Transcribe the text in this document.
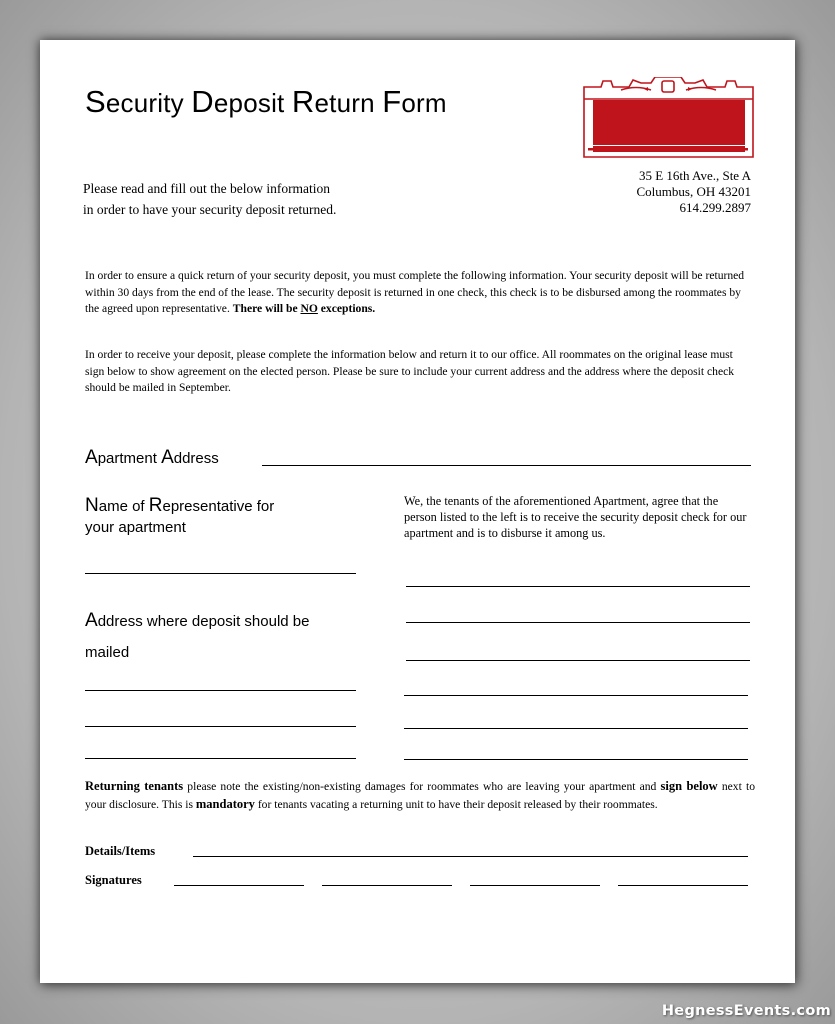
Security Deposit Return Form
Please read and fill out the below information
in order to have your security deposit returned.
35 E 16th Ave., Ste A
Columbus, OH 43201
614.299.2897
In order to ensure a quick return of your security deposit, you must complete the following information. Your security deposit will be returned within 30 days from the end of the lease. The security deposit is returned in one check, this check is to be disbursed among the roommates by the agreed upon representative. There will be NO exceptions.
In order to receive your deposit, please complete the information below and return it to our office. All roommates on the original lease must sign below to show agreement on the elected person. Please be sure to include your current address and the address where the deposit check should be mailed in September.
Apartment Address
Name of Representative for
your apartment
We, the tenants of the aforementioned Apartment, agree that the person listed to the left is to receive the security deposit check for our apartment and is to disburse it among us.
Address where deposit should be
mailed
Returning tenants please note the existing/non-existing damages for roommates who are leaving your apartment and sign below next to your disclosure. This is mandatory for tenants vacating a returning unit to have their deposit released by their roommates.
Details/Items
Signatures
HegnessEvents.com
